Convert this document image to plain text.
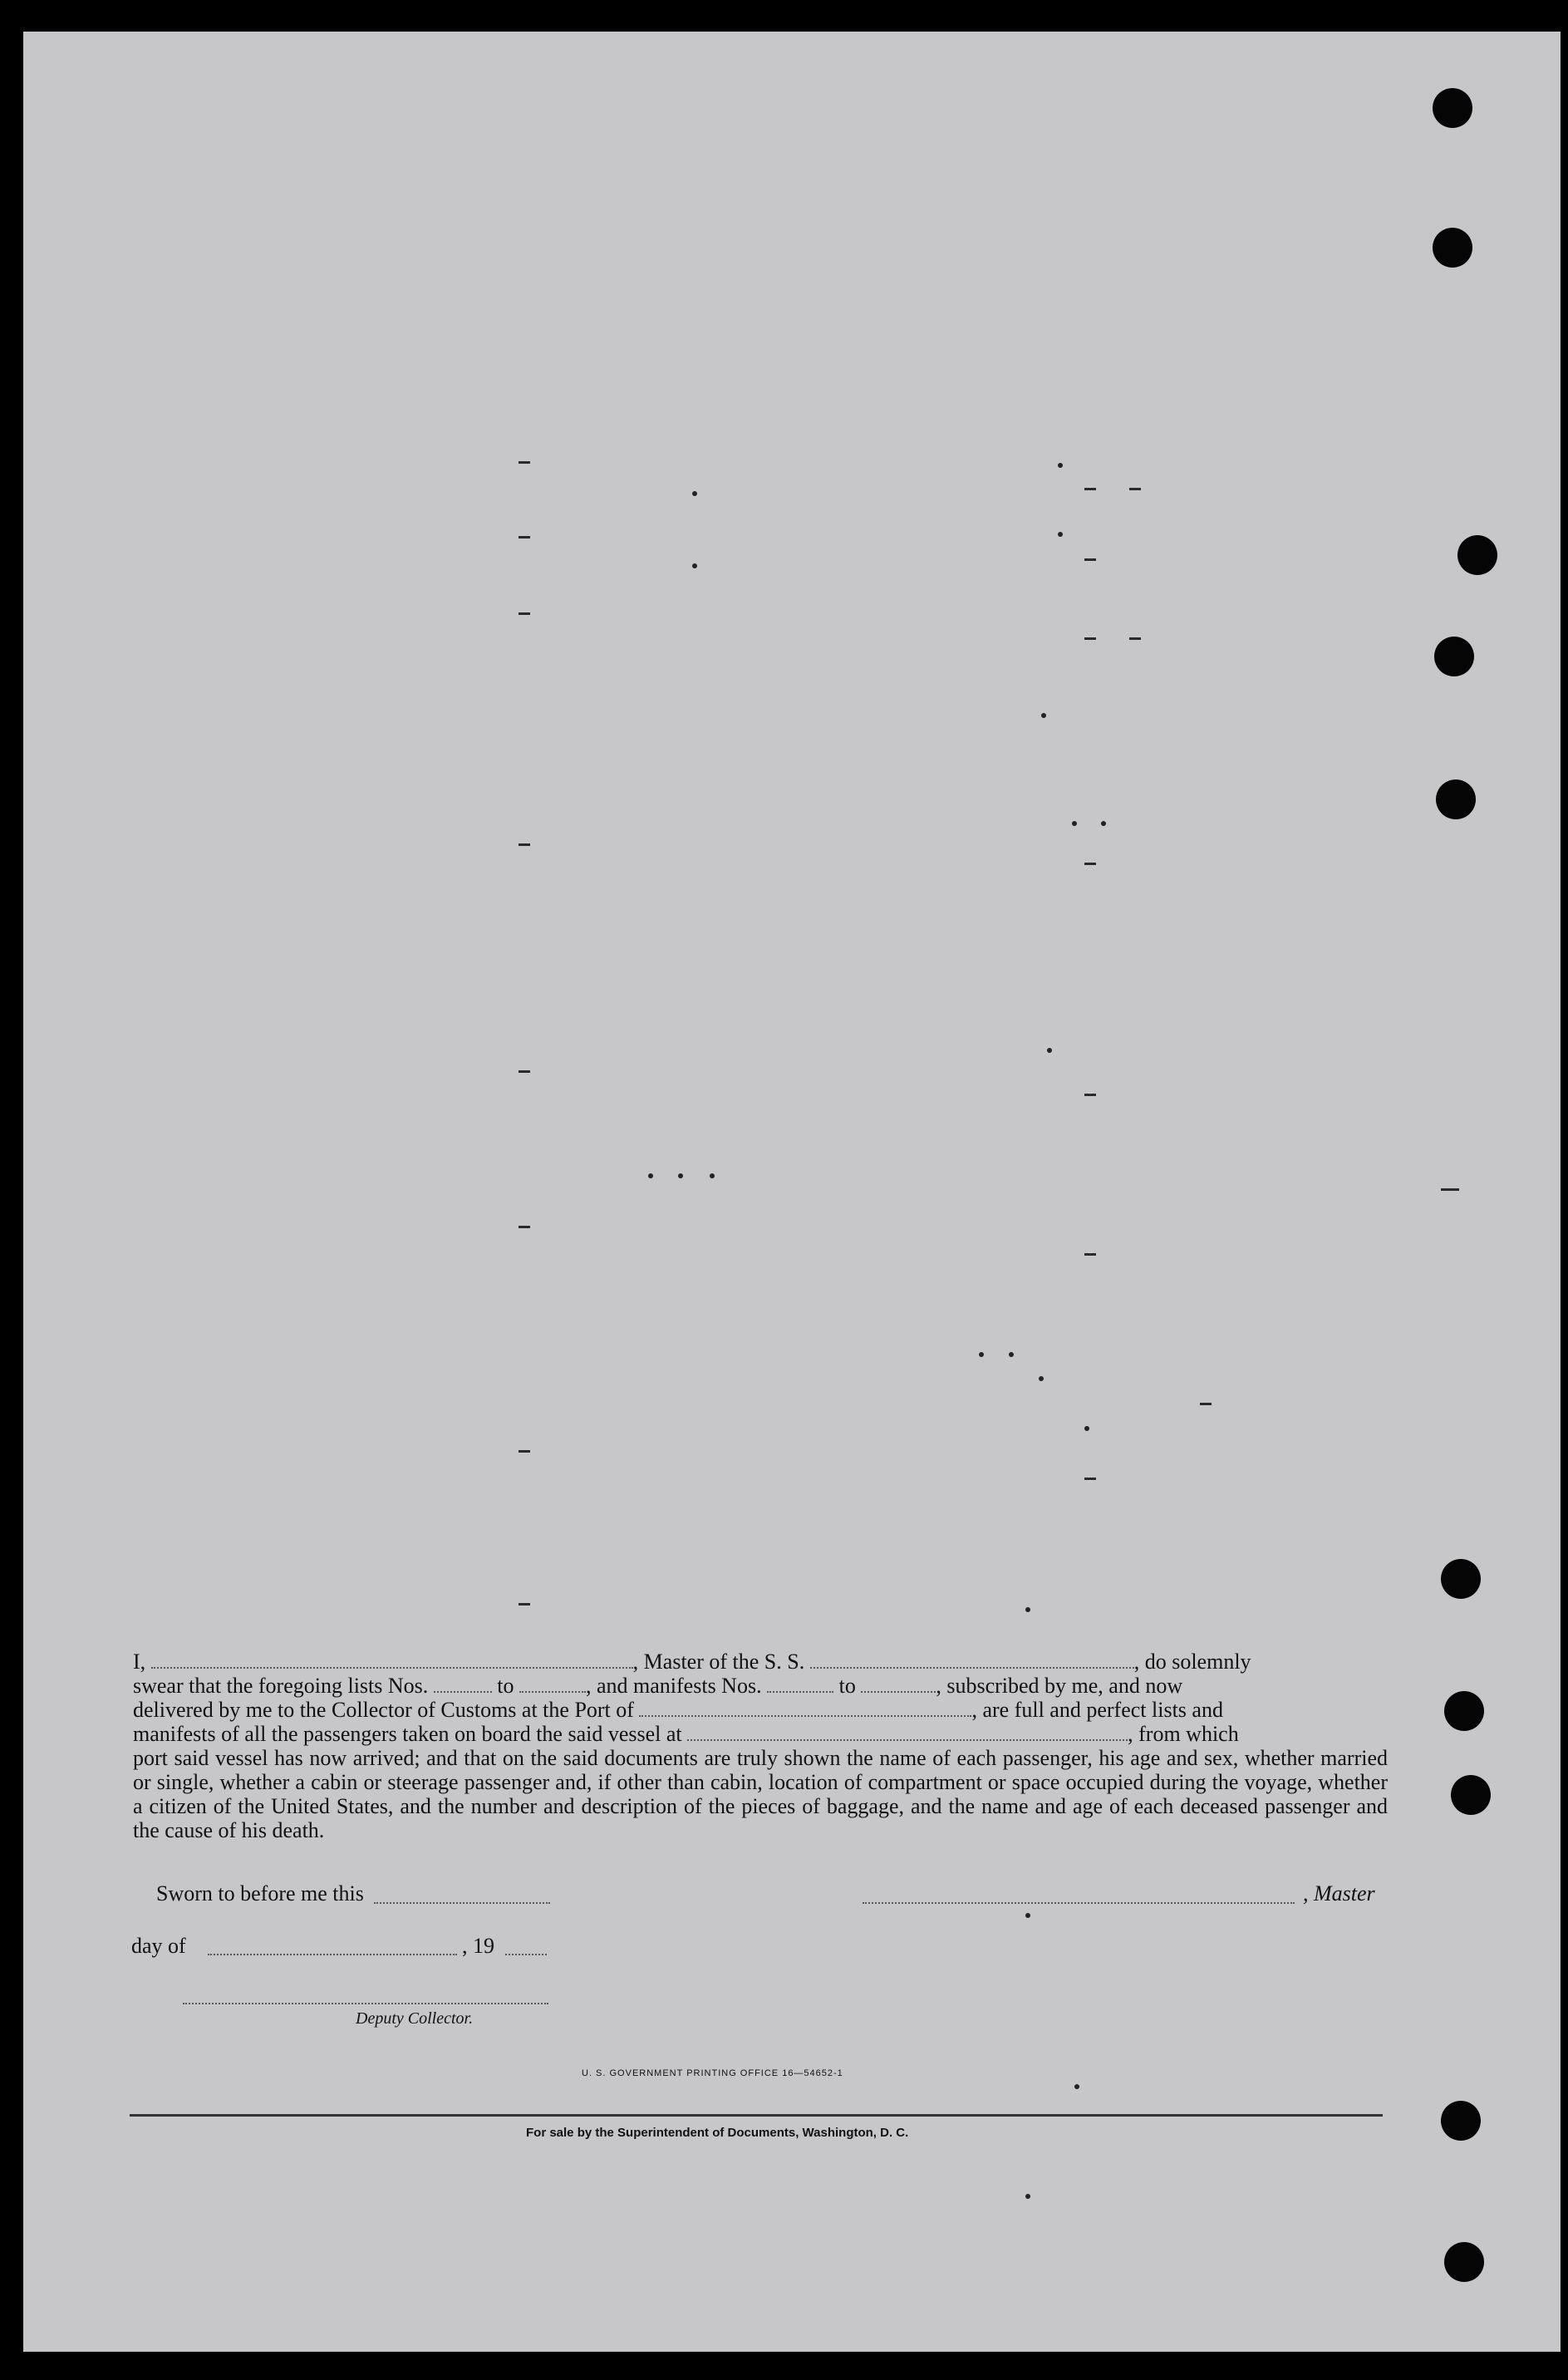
I,	, Master of the S. S.	, do solemnly

swear that the foregoing lists Nos.	to	, and manifests Nos.	to	, subscribed by me, and now

delivered by me to the Collector of Customs at the Port of	, are full and perfect lists and

manifests of all the passengers taken on board the said vessel at	, from which

port said vessel has now arrived; and that on the said documents are truly shown the name of each passenger, his age and sex, whether married or single, whether a cabin or steerage passenger and, if other than cabin, location of compartment or space occupied during the voyage, whether a citizen of the United States, and the number and description of the pieces of baggage, and the name and age of each deceased passenger and the cause of his death.

Sworn to before me this	, Master
day of	, 19
Deputy Collector.
U. S. GOVERNMENT PRINTING OFFICE 16—54652-1
For sale by the Superintendent of Documents, Washington, D. C.
